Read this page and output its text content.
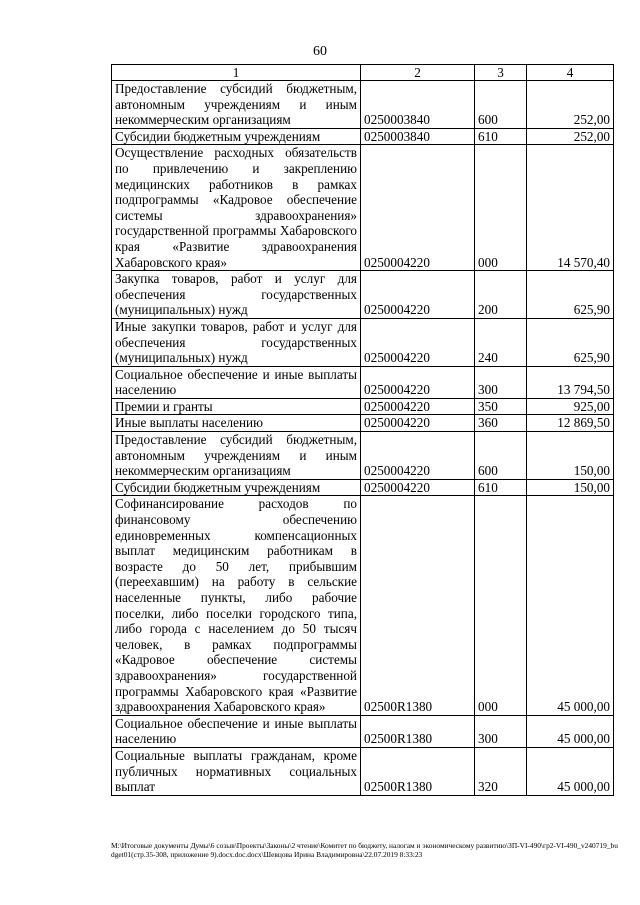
60
1	2	3	4
Предоставление субсидий бюджетным, автономным учреждениям и иным некоммерческим организациям	0250003840	600	252,00
Субсидии бюджетным учреждениям	0250003840	610	252,00
Осуществление расходных обязательств по привлечению и закреплению медицинских работников в рамках подпрограммы «Кадровое обеспечение системы здравоохранения» государственной программы Хабаровского края «Развитие здравоохранения Хабаровского края»	0250004220	000	14 570,40
Закупка товаров, работ и услуг для обеспечения государственных (муниципальных) нужд	0250004220	200	625,90
Иные закупки товаров, работ и услуг для обеспечения государственных (муниципальных) нужд	0250004220	240	625,90
Социальное обеспечение и иные выплаты населению	0250004220	300	13 794,50
Премии и гранты	0250004220	350	925,00
Иные выплаты населению	0250004220	360	12 869,50
Предоставление субсидий бюджетным, автономным учреждениям и иным некоммерческим организациям	0250004220	600	150,00
Субсидии бюджетным учреждениям	0250004220	610	150,00
Софинансирование расходов по финансовому обеспечению единовременных компенсационных выплат медицинским работникам в возрасте до 50 лет, прибывшим (переехавшим) на работу в сельские населенные пункты, либо рабочие поселки, либо поселки городского типа, либо города с населением до 50 тысяч человек, в рамках подпрограммы «Кадровое обеспечение системы здравоохранения» государственной программы Хабаровского края «Развитие здравоохранения Хабаровского края»	02500R1380	000	45 000,00
Социальное обеспечение и иные выплаты населению	02500R1380	300	45 000,00
Социальные выплаты гражданам, кроме публичных нормативных социальных выплат	02500R1380	320	45 000,00
M:\Итоговые документы Думы\6 созыв\Проекты\Законы\2 чтение\Комитет по бюджету, налогам и экономическому развитию\ЗП-VI-490\гр2-VI-490_v240719_budget01(стр.35-308, приложение 9).docx.doc.docx\Шевцова Ирина Владимировна\22.07.2019 8:33:23
